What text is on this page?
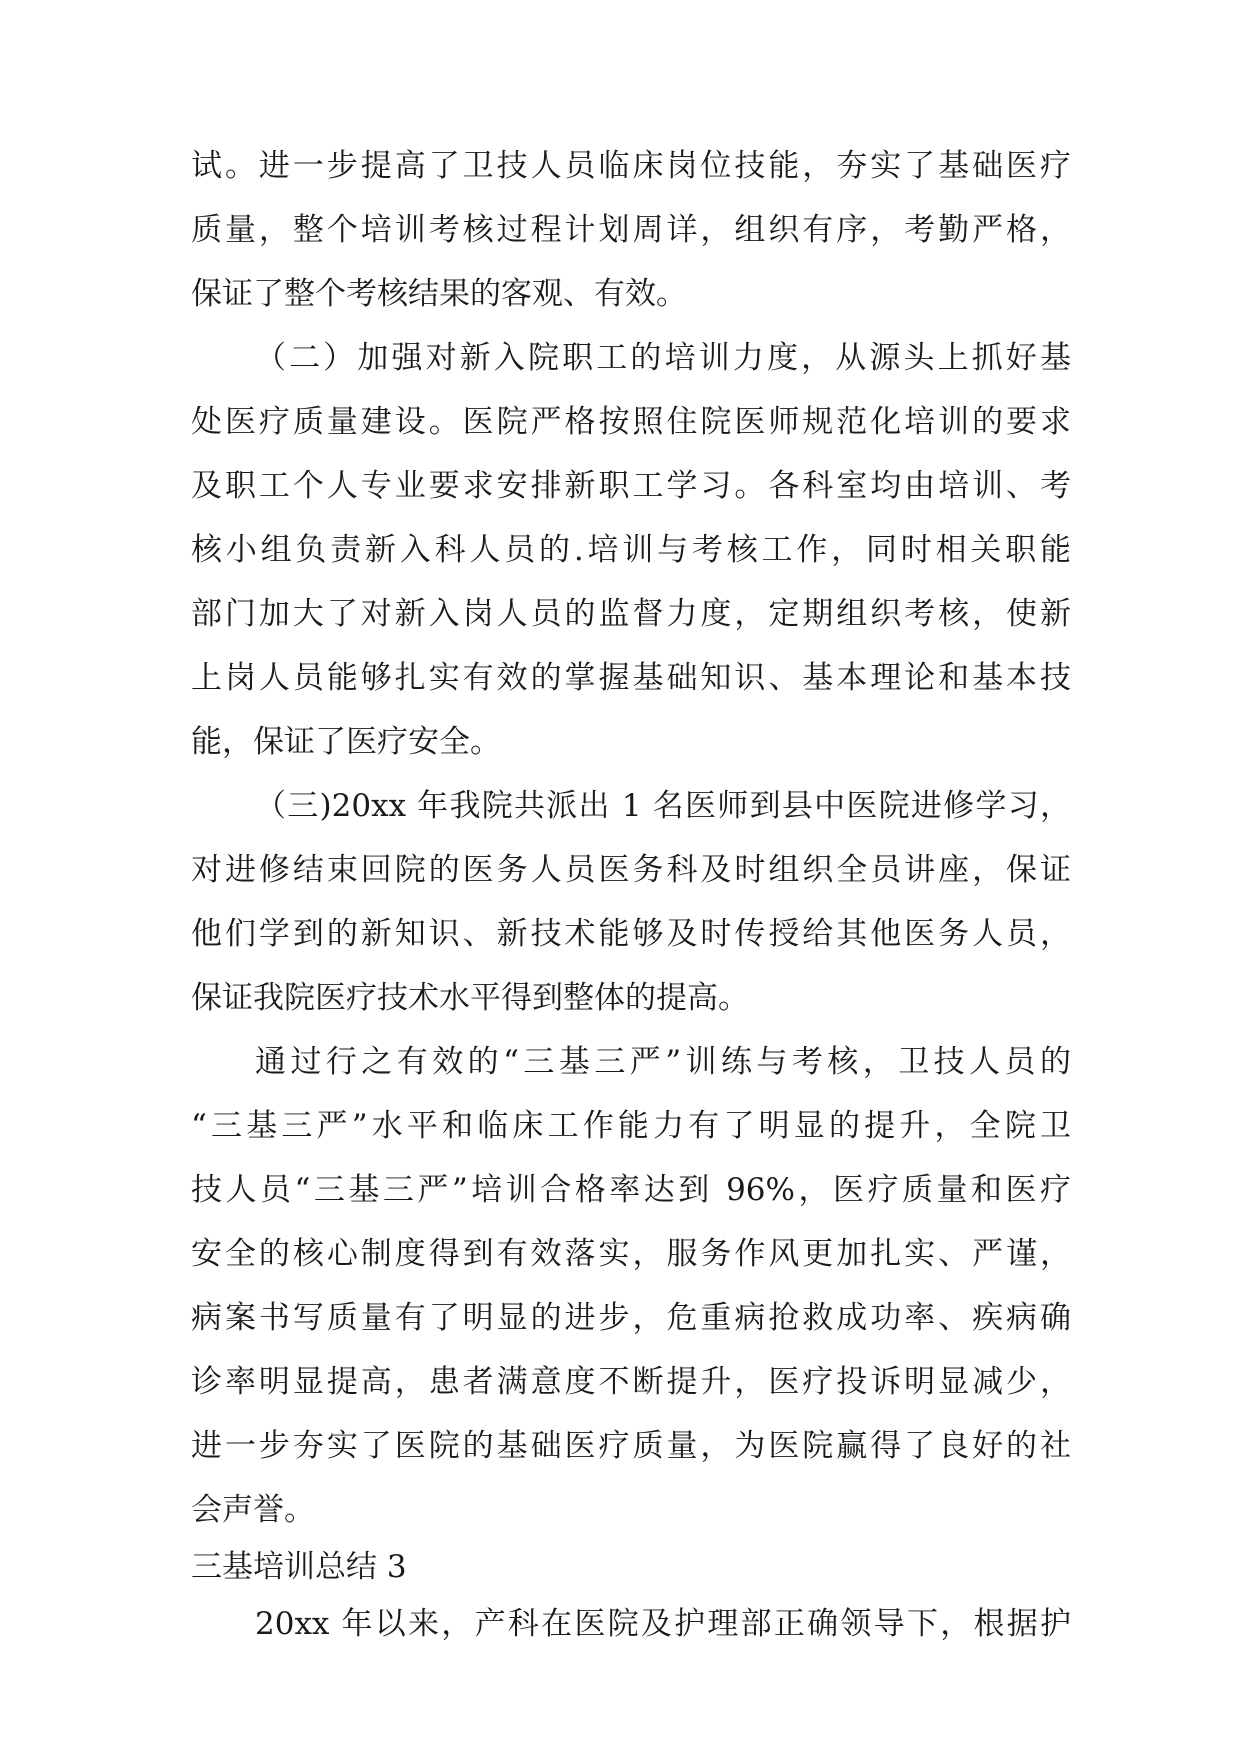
试。进一步提高了卫技人员临床岗位技能，夯实了基础医疗
质量，整个培训考核过程计划周详，组织有序，考勤严格，
保证了整个考核结果的客观、有效。
（二）加强对新入院职工的培训力度，从源头上抓好基
处医疗质量建设。医院严格按照住院医师规范化培训的要求
及职工个人专业要求安排新职工学习。各科室均由培训、考
核小组负责新入科人员的.培训与考核工作，同时相关职能
部门加大了对新入岗人员的监督力度，定期组织考核，使新
上岗人员能够扎实有效的掌握基础知识、基本理论和基本技
能，保证了医疗安全。
（三)20xx 年我院共派出 1 名医师到县中医院进修学习，
对进修结束回院的医务人员医务科及时组织全员讲座，保证
他们学到的新知识、新技术能够及时传授给其他医务人员，
保证我院医疗技术水平得到整体的提高。
通过行之有效的“三基三严”训练与考核，卫技人员的
“三基三严”水平和临床工作能力有了明显的提升，全院卫
技人员“三基三严”培训合格率达到 96%，医疗质量和医疗
安全的核心制度得到有效落实，服务作风更加扎实、严谨，
病案书写质量有了明显的进步，危重病抢救成功率、疾病确
诊率明显提高，患者满意度不断提升，医疗投诉明显减少，
进一步夯实了医院的基础医疗质量，为医院赢得了良好的社
会声誉。
三基培训总结 3
20xx 年以来，产科在医院及护理部正确领导下，根据护
